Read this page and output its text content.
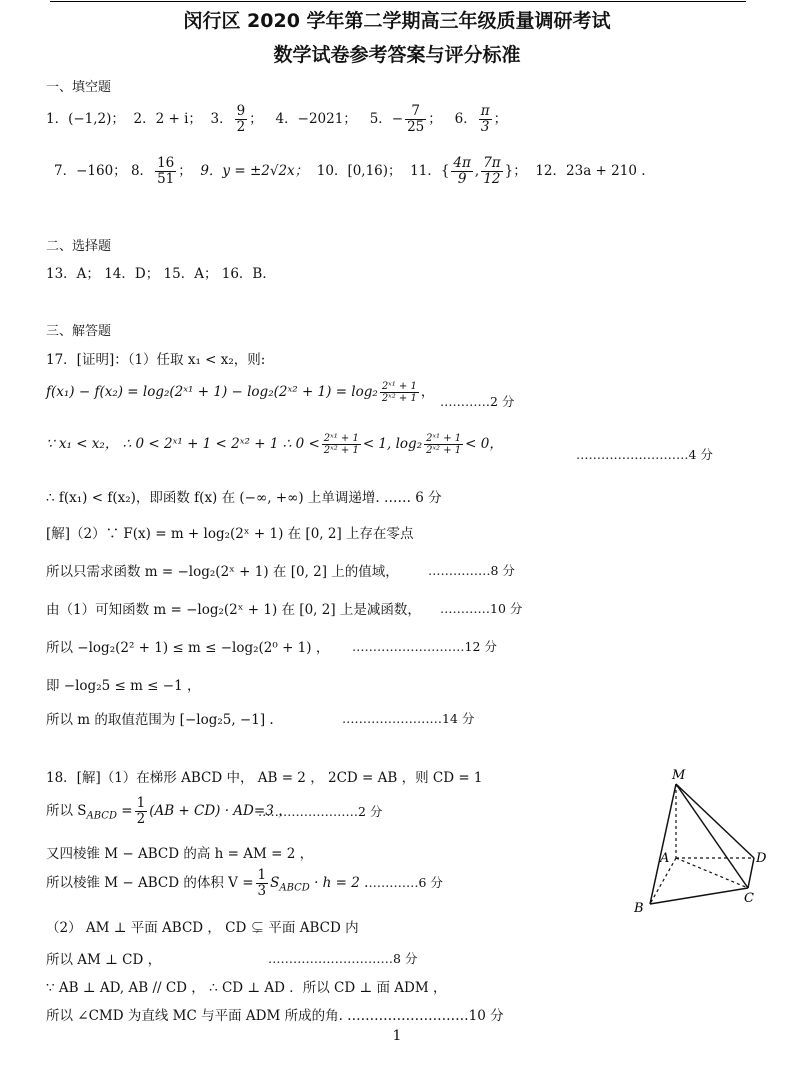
闵行区 2020 学年第二学期高三年级质量调研考试
数学试卷参考答案与评分标准
一、填空题
1．(−1,2)； 2．2 + i； 3． $\frac{9}{2}$ ； 4．−2021； 5．− $\frac{7}{25}$ ； 6． $\frac{\pi}{3}$ ；
7．−160； 8． $\frac{16}{51}$ ； 9．y = ±2√2x； 10．[0,16)； 11．{ $\frac{4\pi}{9}$ , $\frac{7\pi}{12}$ }； 12．23a + 210 .
二、选择题
13．A； 14．D； 15．A； 16．B．
三、解答题
17．[证明]：（1）任取 x₁ < x₂，则:
f(x₁) − f(x₂) = log₂(2ˣ¹ + 1) − log₂(2ˣ² + $1) = \log_2 \frac{\text{2ˣ¹ + 1}}{\text{2ˣ² + 1}}$ ，
…………2 分
∵ x₁ < x₂， ∴ 0 < 2ˣ¹ + 1 < 2ˣ² + 1 ∴ $0 < \frac{\text{2ˣ¹ + 1}}{\text{2ˣ² + 1}} < 1$, $\log_2 \frac{\text{2ˣ¹ + 1}}{\text{2ˣ² + 1}} < 0$，
………………………4 分
∴ f(x₁) < f(x₂)，即函数 f(x) 在 (−∞, +∞) 上单调递增. …… 6 分
[解]（2）∵ F(x) = m + log₂(2ˣ + 1) 在 [0, 2] 上存在零点
所以只需求函数 m = −log₂(2ˣ + 1) 在 [0, 2] 上的值域， ……………8 分
由（1）可知函数 m = −log₂(2ˣ + 1) 在 [0, 2] 上是减函数， …………10 分
所以 −log₂(2² + 1) ≤ m ≤ −log₂(2⁰ + 1) ， ………………………12 分
即 −log₂5 ≤ m ≤ −1 ，
所以 m 的取值范围为 [−log₂5, −1] .	……………………14 分
18．[解]（1）在梯形 ABCD 中， AB = 2 ， 2CD = AB ，则 CD = 1
所以 $S_{ABCD} = \frac{1}{2} (AB + CD) \cdot AD=3$ ，
……………………2 分
又四棱锥 M − ABCD 的高 h = AM = 2 ，
所以棱锥 M − ABCD 的体积 $V = \frac{1}{3} S_{ABCD} \cdot h = 2$ .…………6 分
（2） AM ⊥ 平面 ABCD ， CD ⊊ 平面 ABCD 内
所以 AM ⊥ CD ，	…………………………8 分
∵ AB ⊥ AD, AB // CD ， ∴ CD ⊥ AD ．所以 CD ⊥ 面 ADM ，
所以 ∠CMD 为直线 MC 与平面 ADM 所成的角. ………………………10 分
M
A	D
B
C
1
